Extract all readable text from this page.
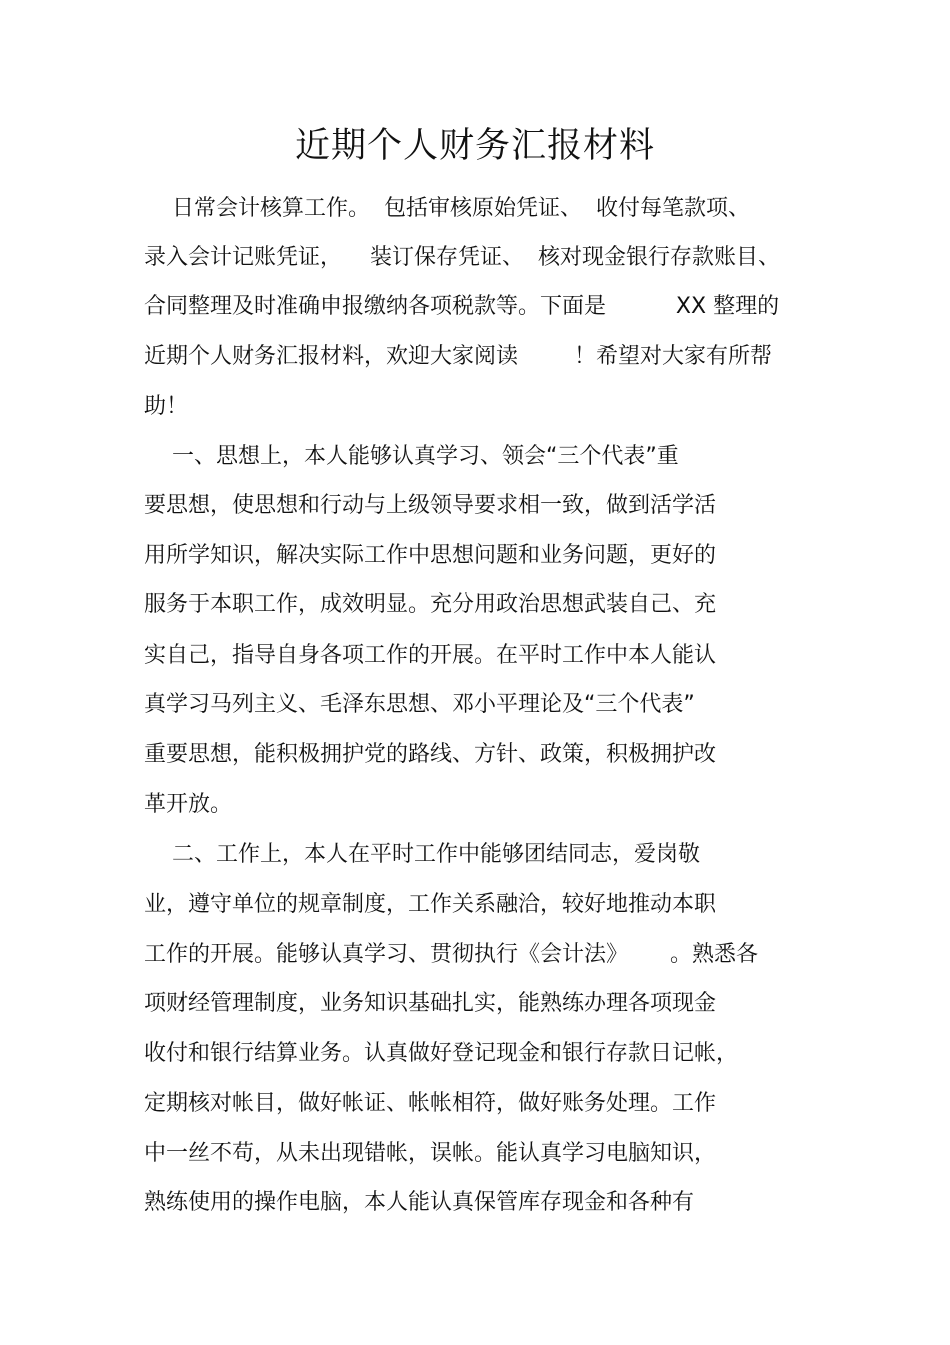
近期个人财务汇报材料
日常会计核算工作。  包括审核原始凭证、  收付每笔款项、
录入会计记账凭证，    装订保存凭证、  核对现金银行存款账目、
合同整理及时准确申报缴纳各项税款等。下面是          XX 整理的
近期个人财务汇报材料，欢迎大家阅读        ！希望对大家有所帮
助！
一、思想上，本人能够认真学习、领会“三个代表”重
要思想，使思想和行动与上级领导要求相一致，做到活学活
用所学知识，解决实际工作中思想问题和业务问题，更好的
服务于本职工作，成效明显。充分用政治思想武装自己、充
实自己，指导自身各项工作的开展。在平时工作中本人能认
真学习马列主义、毛泽东思想、邓小平理论及“三个代表”
重要思想，能积极拥护党的路线、方针、政策，积极拥护改
革开放。
二、工作上，本人在平时工作中能够团结同志，爱岗敬
业，遵守单位的规章制度，工作关系融洽，较好地推动本职
工作的开展。能够认真学习、贯彻执行《会计法》      。熟悉各
项财经管理制度，业务知识基础扎实，能熟练办理各项现金
收付和银行结算业务。认真做好登记现金和银行存款日记帐，
定期核对帐目，做好帐证、帐帐相符，做好账务处理。工作
中一丝不苟，从未出现错帐，误帐。能认真学习电脑知识，
熟练使用的操作电脑，本人能认真保管库存现金和各种有
